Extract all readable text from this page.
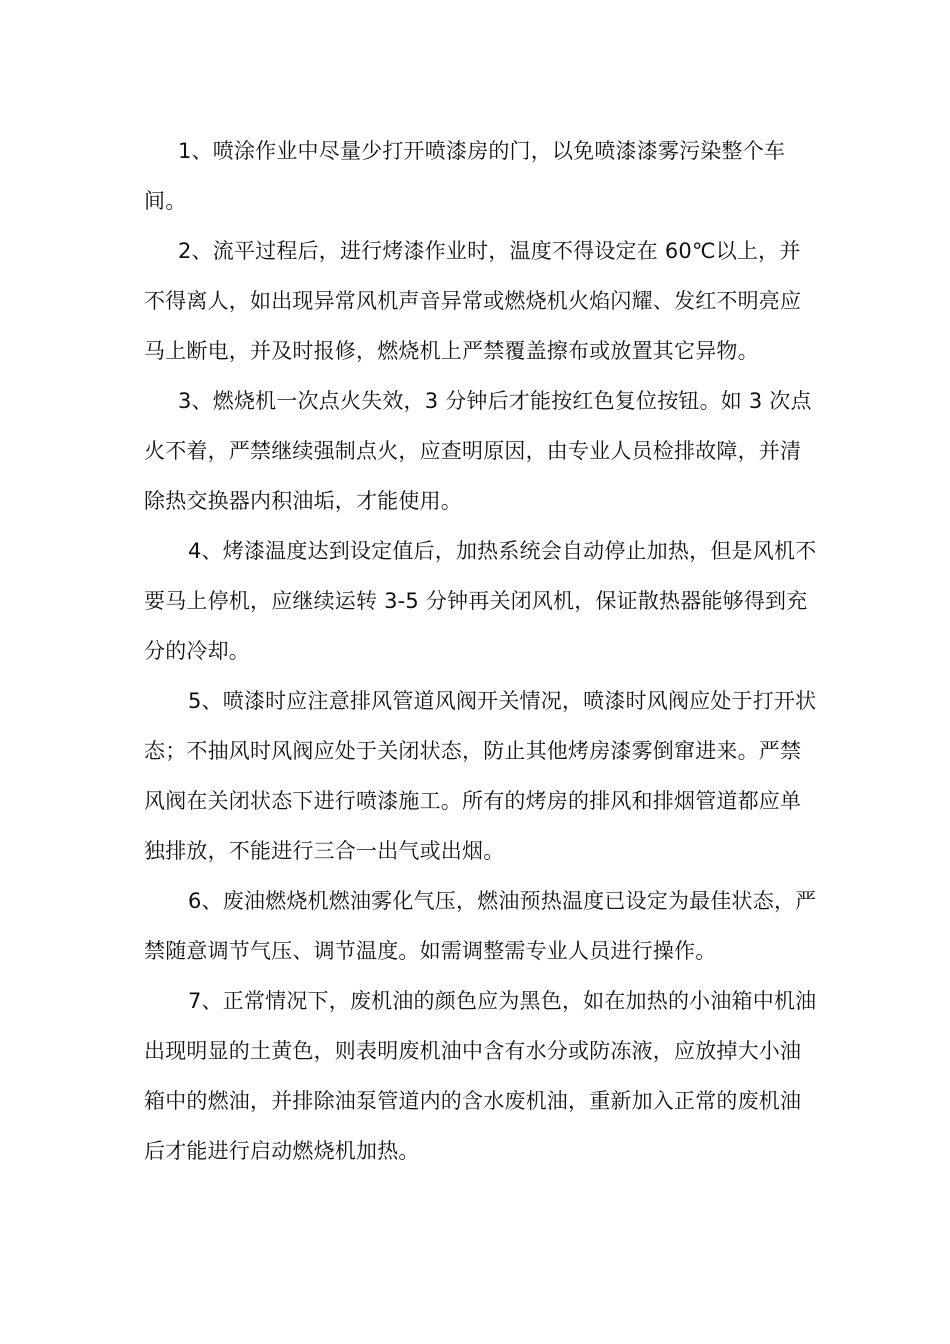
1、喷涂作业中尽量少打开喷漆房的门，以免喷漆漆雾污染整个车间。

2、流平过程后，进行烤漆作业时，温度不得设定在 60℃以上，并不得离人，如出现异常风机声音异常或燃烧机火焰闪耀、发红不明亮应马上断电，并及时报修，燃烧机上严禁覆盖擦布或放置其它异物。

3、燃烧机一次点火失效，3 分钟后才能按红色复位按钮。如 3 次点火不着，严禁继续强制点火，应查明原因，由专业人员检排故障，并清除热交换器内积油垢，才能使用。

4、烤漆温度达到设定值后，加热系统会自动停止加热，但是风机不要马上停机，应继续运转 3-5 分钟再关闭风机，保证散热器能够得到充分的冷却。

5、喷漆时应注意排风管道风阀开关情况，喷漆时风阀应处于打开状态；不抽风时风阀应处于关闭状态，防止其他烤房漆雾倒窜进来。严禁风阀在关闭状态下进行喷漆施工。所有的烤房的排风和排烟管道都应单独排放，不能进行三合一出气或出烟。

6、废油燃烧机燃油雾化气压，燃油预热温度已设定为最佳状态，严禁随意调节气压、调节温度。如需调整需专业人员进行操作。

7、正常情况下，废机油的颜色应为黑色，如在加热的小油箱中机油出现明显的土黄色，则表明废机油中含有水分或防冻液，应放掉大小油箱中的燃油，并排除油泵管道内的含水废机油，重新加入正常的废机油后才能进行启动燃烧机加热。
